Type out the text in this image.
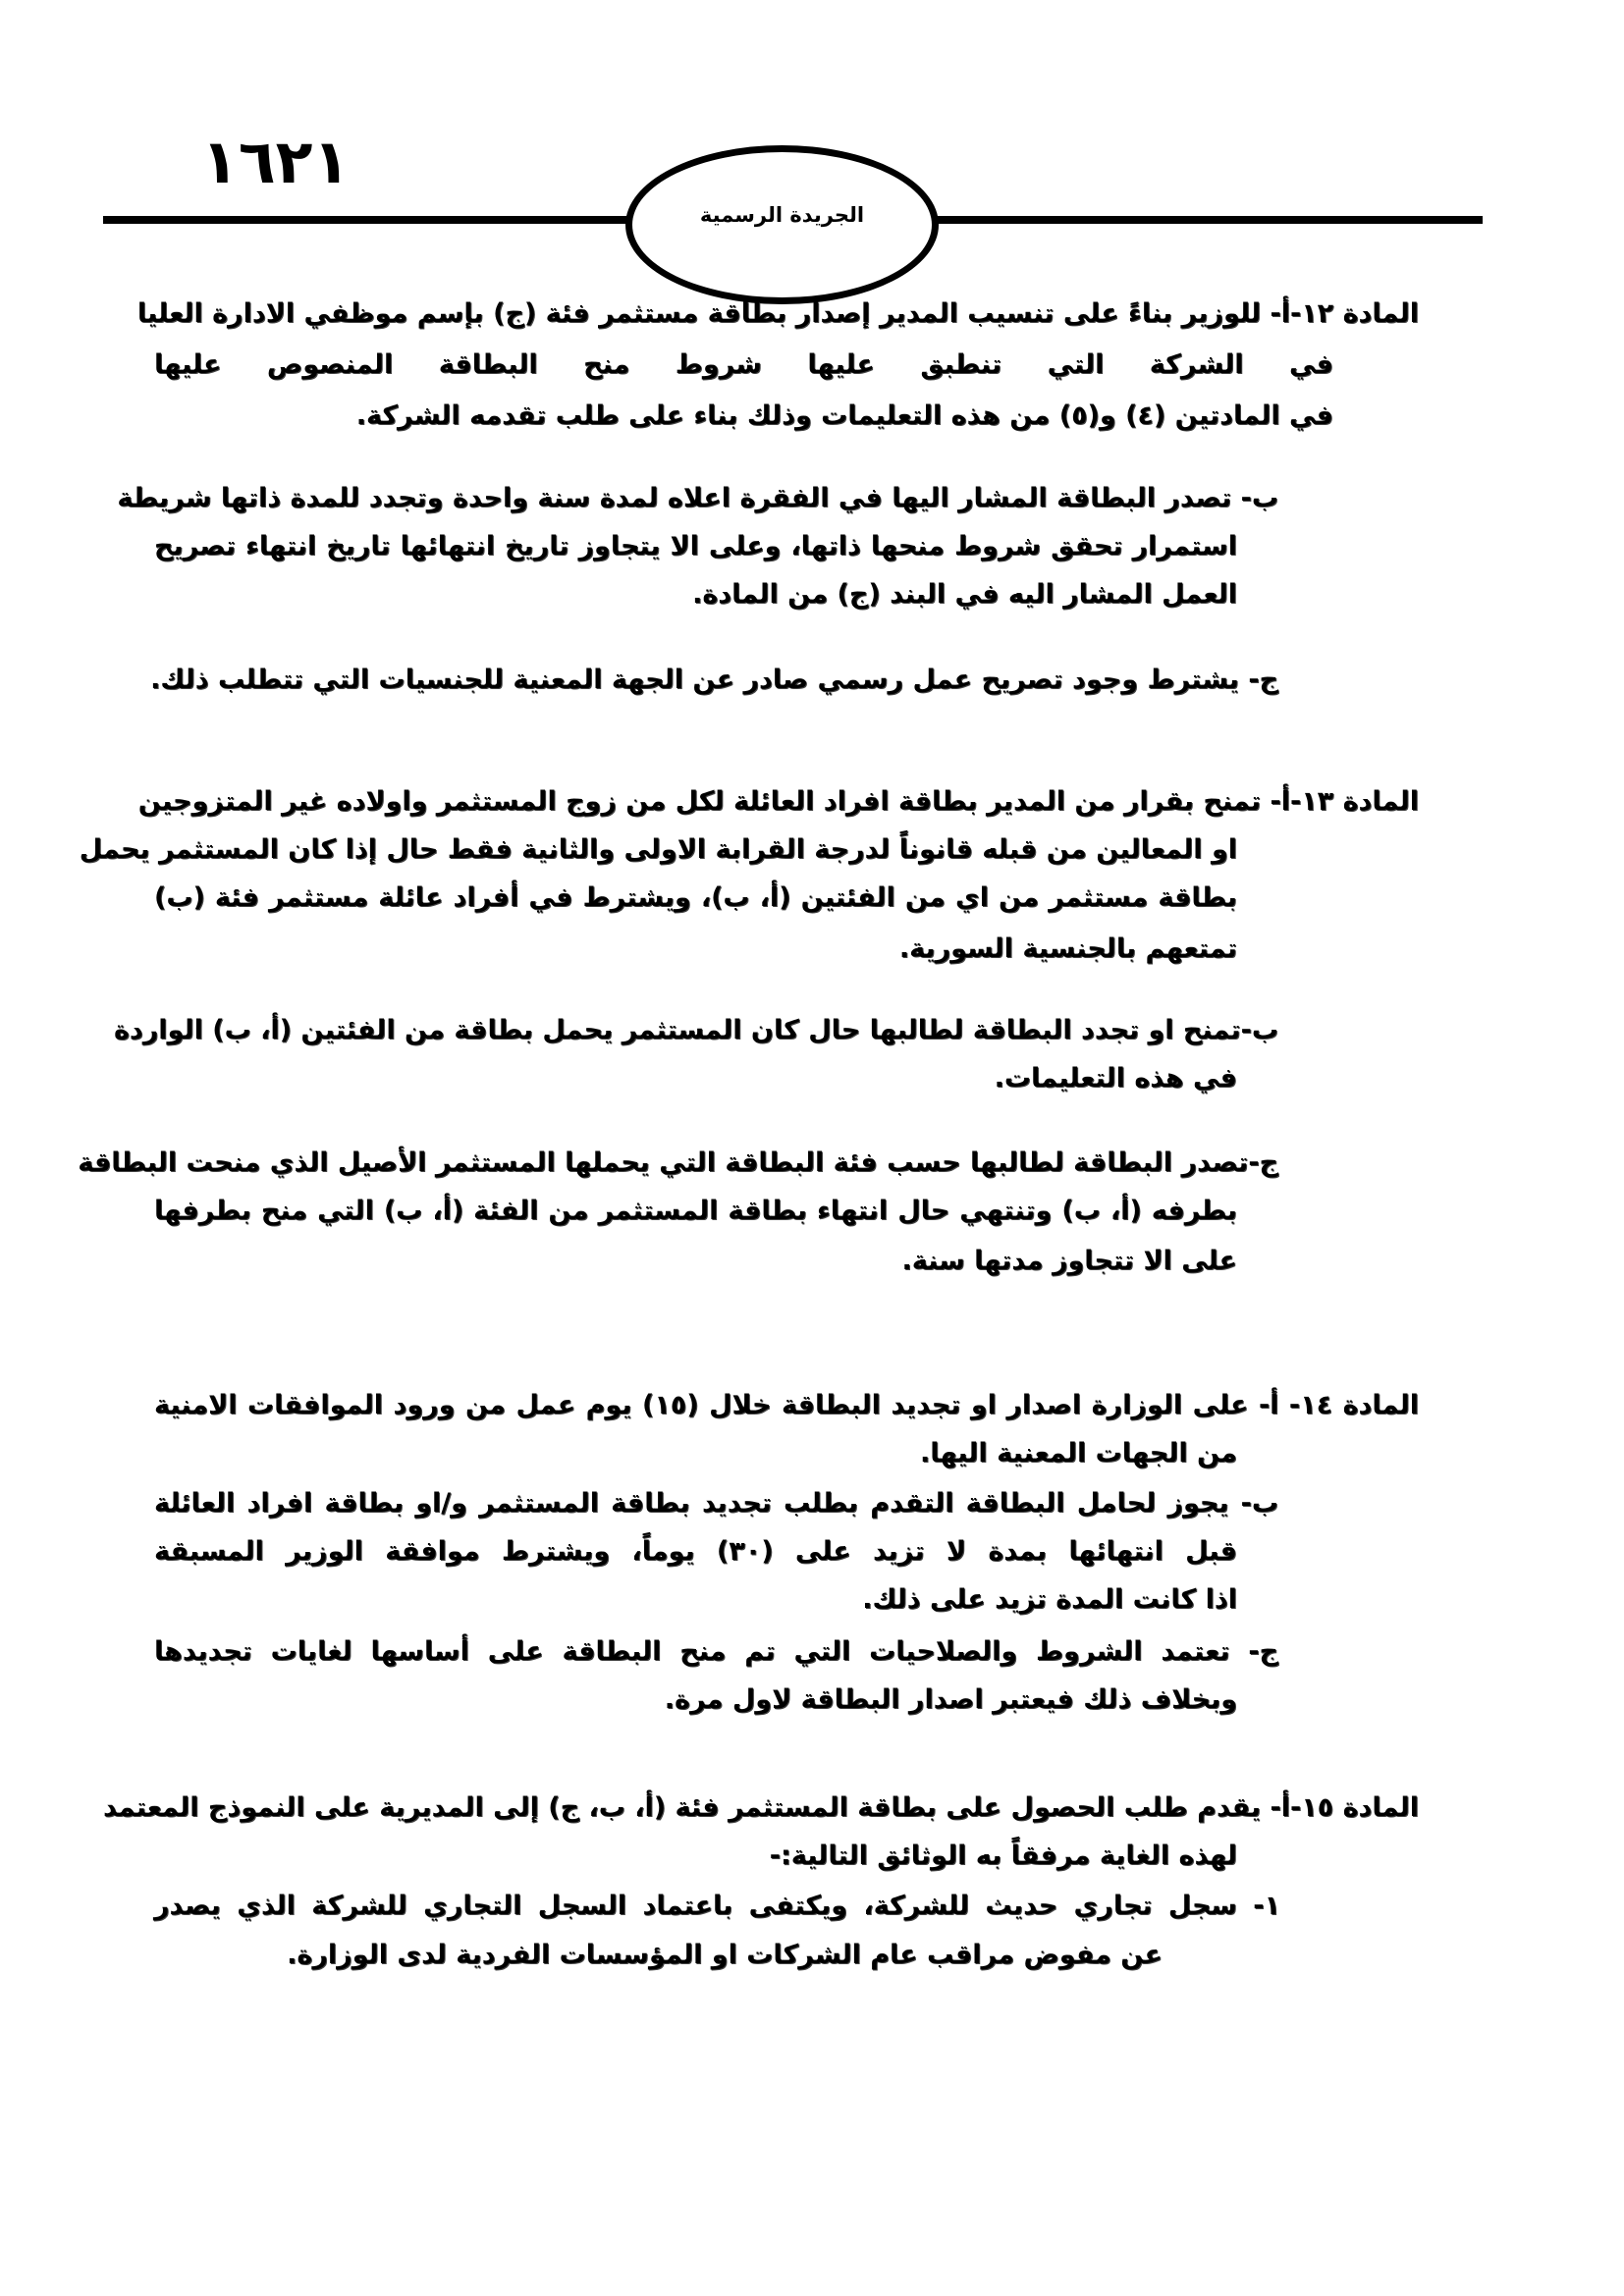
١٦٢١
الجريدة الرسمية
المادة ١٢-أ- للوزير بناءً على تنسيب المدير إصدار بطاقة مستثمر فئة (ج) بإسم موظفي الادارة العليا
في الشركة التي تنطبق عليها شروط منح البطاقة المنصوص عليها
في المادتين (٤) و(٥) من هذه التعليمات وذلك بناء على طلب تقدمه الشركة.
ب- تصدر البطاقة المشار اليها في الفقرة اعلاه لمدة سنة واحدة وتجدد للمدة ذاتها شريطة
استمرار تحقق شروط منحها ذاتها، وعلى الا يتجاوز تاريخ انتهائها تاريخ انتهاء تصريح
العمل المشار اليه في البند (ج) من المادة.
ج- يشترط وجود تصريح عمل رسمي صادر عن الجهة المعنية للجنسيات التي تتطلب ذلك.
المادة ١٣-أ- تمنح بقرار من المدير بطاقة افراد العائلة لكل من زوج المستثمر واولاده غير المتزوجين
او المعالين من قبله قانوناً لدرجة القرابة الاولى والثانية فقط حال إذا كان المستثمر يحمل
بطاقة مستثمر من اي من الفئتين (أ، ب)، ويشترط في أفراد عائلة مستثمر فئة (ب)
تمتعهم بالجنسية السورية.
ب-تمنح او تجدد البطاقة لطالبها حال كان المستثمر يحمل بطاقة من الفئتين (أ، ب) الواردة
في هذه التعليمات.
ج-تصدر البطاقة لطالبها حسب فئة البطاقة التي يحملها المستثمر الأصيل الذي منحت البطاقة
بطرفه (أ، ب) وتنتهي حال انتهاء بطاقة المستثمر من الفئة (أ، ب) التي منح بطرفها
على الا تتجاوز مدتها سنة.
المادة ١٤- أ- على الوزارة اصدار او تجديد البطاقة خلال (١٥) يوم عمل من ورود الموافقات الامنية
من الجهات المعنية اليها.
ب- يجوز لحامل البطاقة التقدم بطلب تجديد بطاقة المستثمر و/او بطاقة افراد العائلة
قبل انتهائها بمدة لا تزيد على (٣٠) يوماً، ويشترط موافقة الوزير المسبقة
اذا كانت المدة تزيد على ذلك.
ج- تعتمد الشروط والصلاحيات التي تم منح البطاقة على أساسها لغايات تجديدها
وبخلاف ذلك فيعتبر اصدار البطاقة لاول مرة.
المادة ١٥-أ- يقدم طلب الحصول على بطاقة المستثمر فئة (أ، ب، ج) إلى المديرية على النموذج المعتمد
لهذه الغاية مرفقاً به الوثائق التالية:-
١- سجل تجاري حديث للشركة، ويكتفى باعتماد السجل التجاري للشركة الذي يصدر
عن مفوض مراقب عام الشركات او المؤسسات الفردية لدى الوزارة.
